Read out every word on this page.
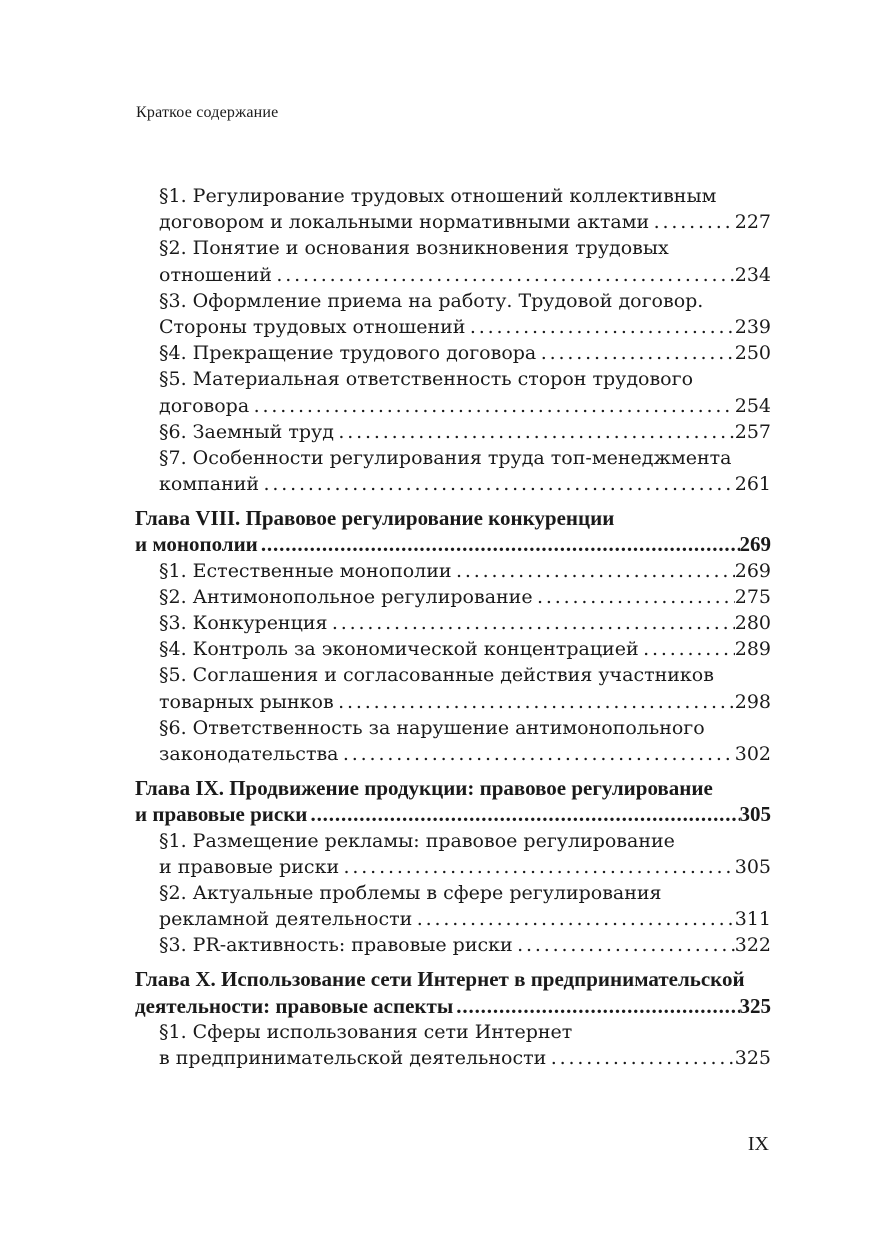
Краткое содержание
§1. Регулирование трудовых отношений коллективным
договором и локальными нормативными актами . . .	227
§2. Понятие и основания возникновения трудовых
отношений . . .	234
§3. Оформление приема на работу. Трудовой договор.
Стороны трудовых отношений . . .	239
§4. Прекращение трудового договора . . .	250
§5. Материальная ответственность сторон трудового
договора . . .	254
§6. Заемный труд . . .	257
§7. Особенности регулирования труда топ-менеджмента
компаний . . .	261
Глава VIII. Правовое регулирование конкуренции
и монополии . . .	269
§1. Естественные монополии . . .	269
§2. Антимонопольное регулирование . . .	275
§3. Конкуренция . . .	280
§4. Контроль за экономической концентрацией . . .	289
§5. Соглашения и согласованные действия участников
товарных рынков . . .	298
§6. Ответственность за нарушение антимонопольного
законодательства . . .	302
Глава IX. Продвижение продукции: правовое регулирование
и правовые риски . . .	305
§1. Размещение рекламы: правовое регулирование
и правовые риски . . .	305
§2. Актуальные проблемы в сфере регулирования
рекламной деятельности . . .	311
§3. PR-активность: правовые риски . . .	322
Глава X. Использование сети Интернет в предпринимательской
деятельности: правовые аспекты . . .	325
§1. Сферы использования сети Интернет
в предпринимательской деятельности . . .	325
IX
